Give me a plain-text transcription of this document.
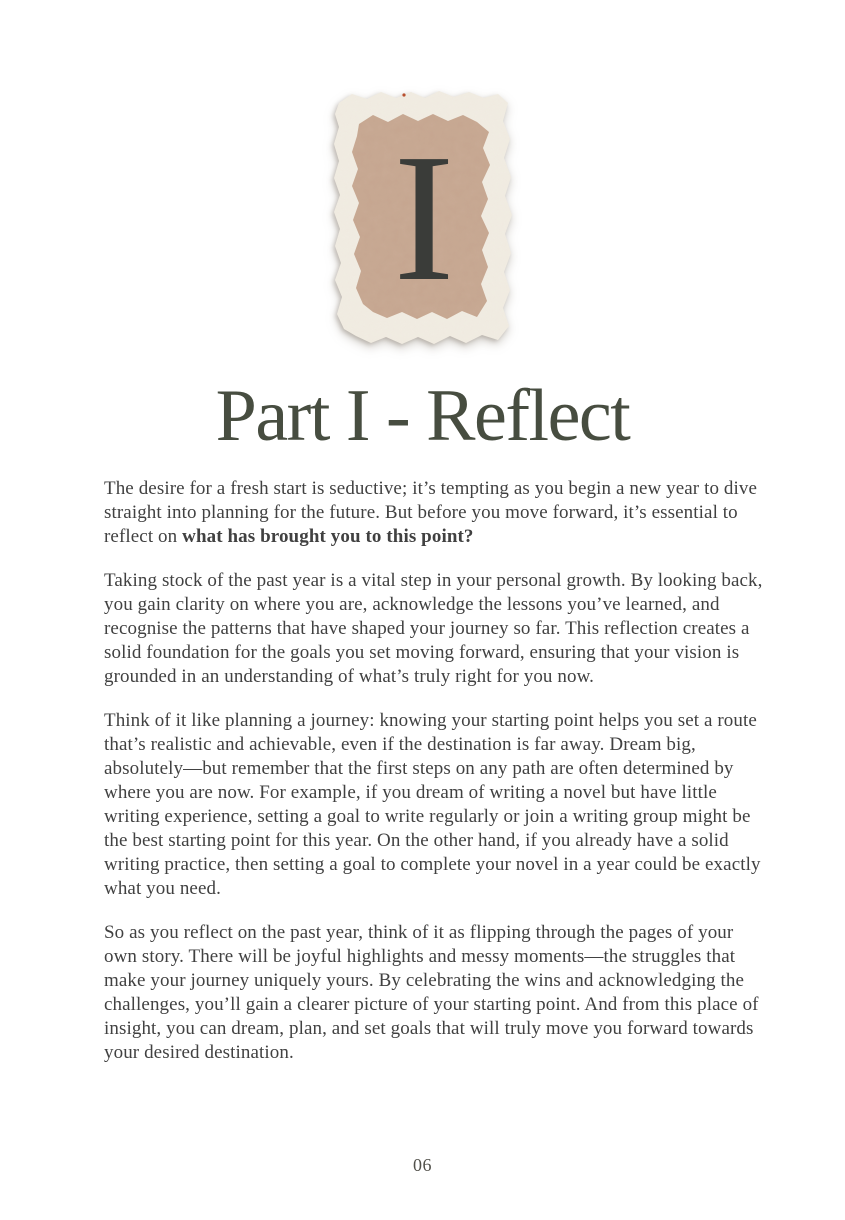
I
Part I - Reflect

The desire for a fresh start is seductive; it’s tempting as you begin a new year to dive straight into planning for the future. But before you move forward, it’s essential to reflect on what has brought you to this point?

Taking stock of the past year is a vital step in your personal growth. By looking back, you gain clarity on where you are, acknowledge the lessons you’ve learned, and recognise the patterns that have shaped your journey so far. This reflection creates a solid foundation for the goals you set moving forward, ensuring that your vision is grounded in an understanding of what’s truly right for you now.

Think of it like planning a journey: knowing your starting point helps you set a route that’s realistic and achievable, even if the destination is far away. Dream big, absolutely—but remember that the first steps on any path are often determined by where you are now. For example, if you dream of writing a novel but have little writing experience, setting a goal to write regularly or join a writing group might be the best starting point for this year. On the other hand, if you already have a solid writing practice, then setting a goal to complete your novel in a year could be exactly what you need.

So as you reflect on the past year, think of it as flipping through the pages of your own story. There will be joyful highlights and messy moments—the struggles that make your journey uniquely yours. By celebrating the wins and acknowledging the challenges, you’ll gain a clearer picture of your starting point. And from this place of insight, you can dream, plan, and set goals that will truly move you forward towards your desired destination.

06
